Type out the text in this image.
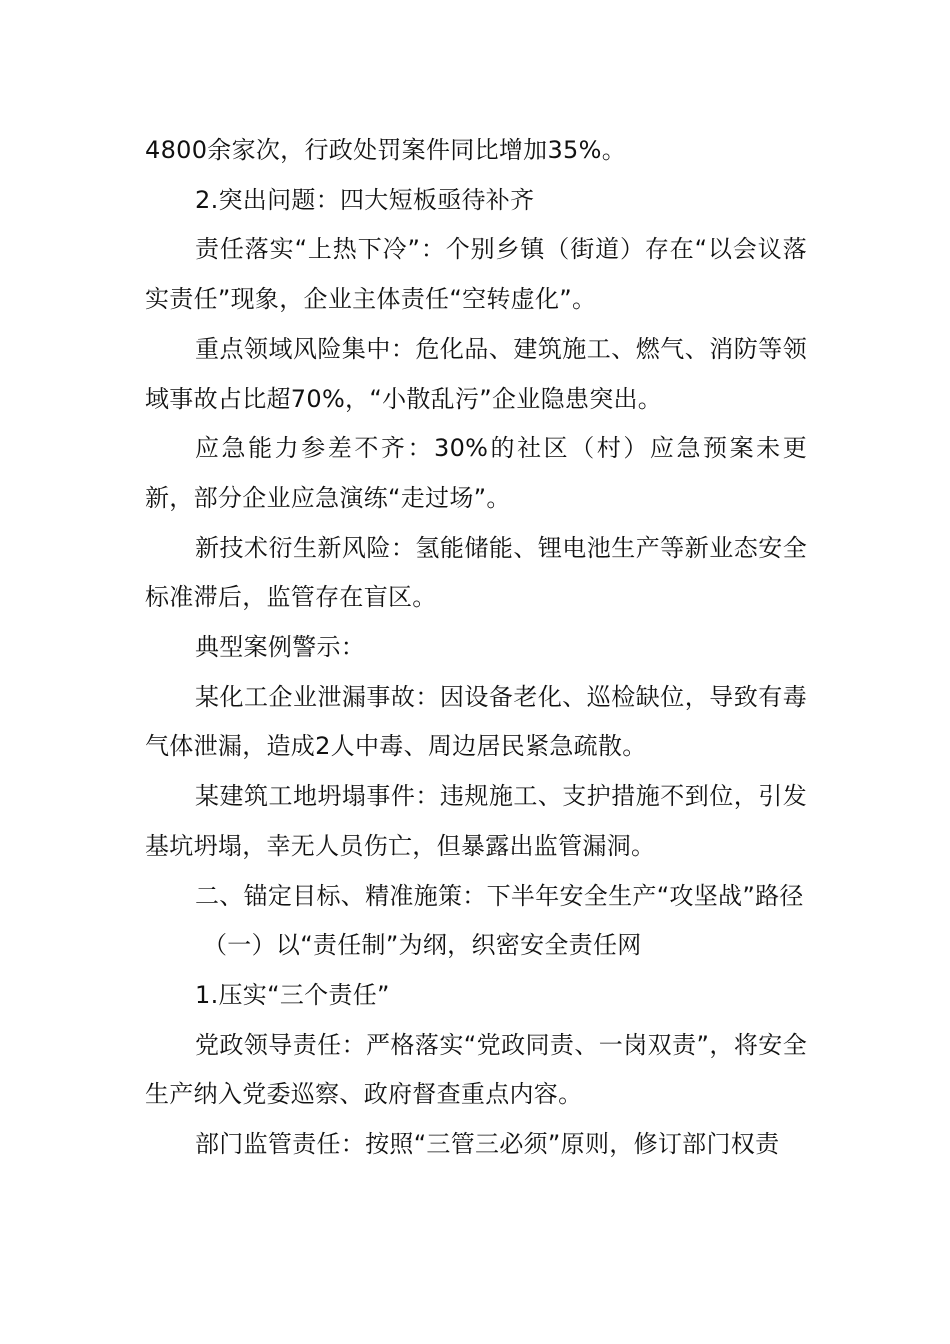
4800余家次，行政处罚案件同比增加35%。

2.突出问题：四大短板亟待补齐

责任落实“上热下冷”：个别乡镇（街道）存在“以会议落实责任”现象，企业主体责任“空转虚化”。

重点领域风险集中：危化品、建筑施工、燃气、消防等领域事故占比超70%，“小散乱污”企业隐患突出。

应急能力参差不齐：30%的社区（村）应急预案未更新，部分企业应急演练“走过场”。

新技术衍生新风险：氢能储能、锂电池生产等新业态安全标准滞后，监管存在盲区。

典型案例警示：

某化工企业泄漏事故：因设备老化、巡检缺位，导致有毒气体泄漏，造成2人中毒、周边居民紧急疏散。

某建筑工地坍塌事件：违规施工、支护措施不到位，引发基坑坍塌，幸无人员伤亡，但暴露出监管漏洞。

二、锚定目标、精准施策：下半年安全生产“攻坚战”路径

（一）以“责任制”为纲，织密安全责任网

1.压实“三个责任”

党政领导责任：严格落实“党政同责、一岗双责”，将安全生产纳入党委巡察、政府督查重点内容。

部门监管责任：按照“三管三必须”原则，修订部门权责
